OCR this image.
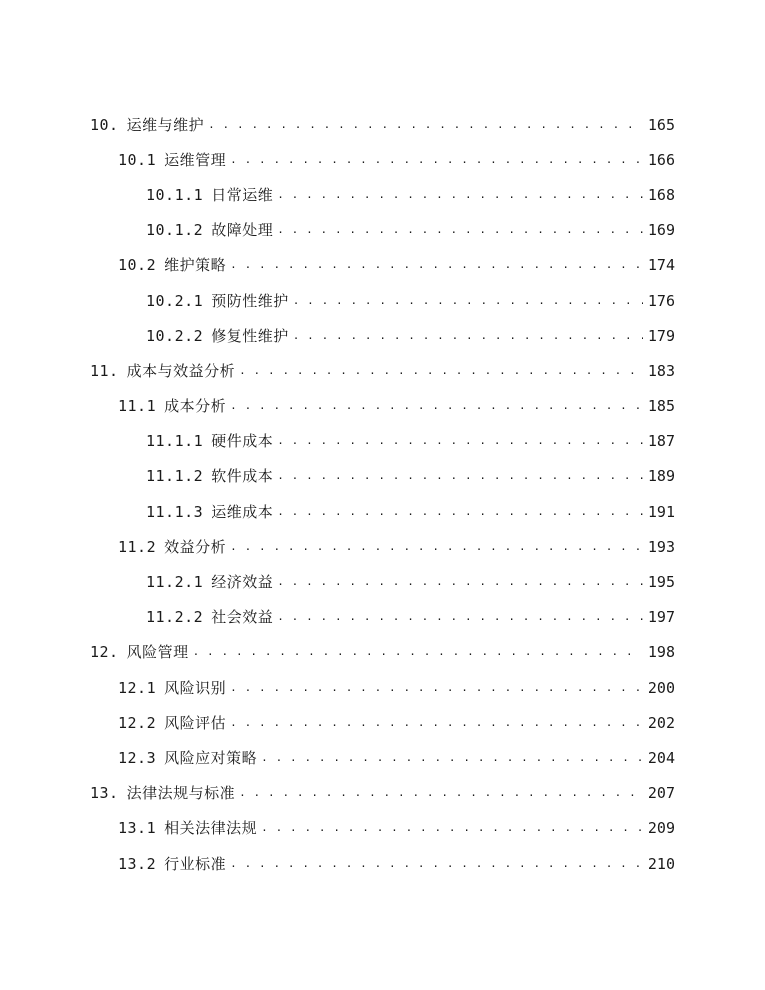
10. 运维与维护 . . .	165
10.1 运维管理 . . .	166
10.1.1 日常运维 . . .	168
10.1.2 故障处理 . . .	169
10.2 维护策略 . . .	174
10.2.1 预防性维护 . . .	176
10.2.2 修复性维护 . . .	179
11. 成本与效益分析 . . .	183
11.1 成本分析 . . .	185
11.1.1 硬件成本 . . .	187
11.1.2 软件成本 . . .	189
11.1.3 运维成本 . . .	191
11.2 效益分析 . . .	193
11.2.1 经济效益 . . .	195
11.2.2 社会效益 . . .	197
12. 风险管理 . . .	198
12.1 风险识别 . . .	200
12.2 风险评估 . . .	202
12.3 风险应对策略 . . .	204
13. 法律法规与标准 . . .	207
13.1 相关法律法规 . . .	209
13.2 行业标准 . . .	210
